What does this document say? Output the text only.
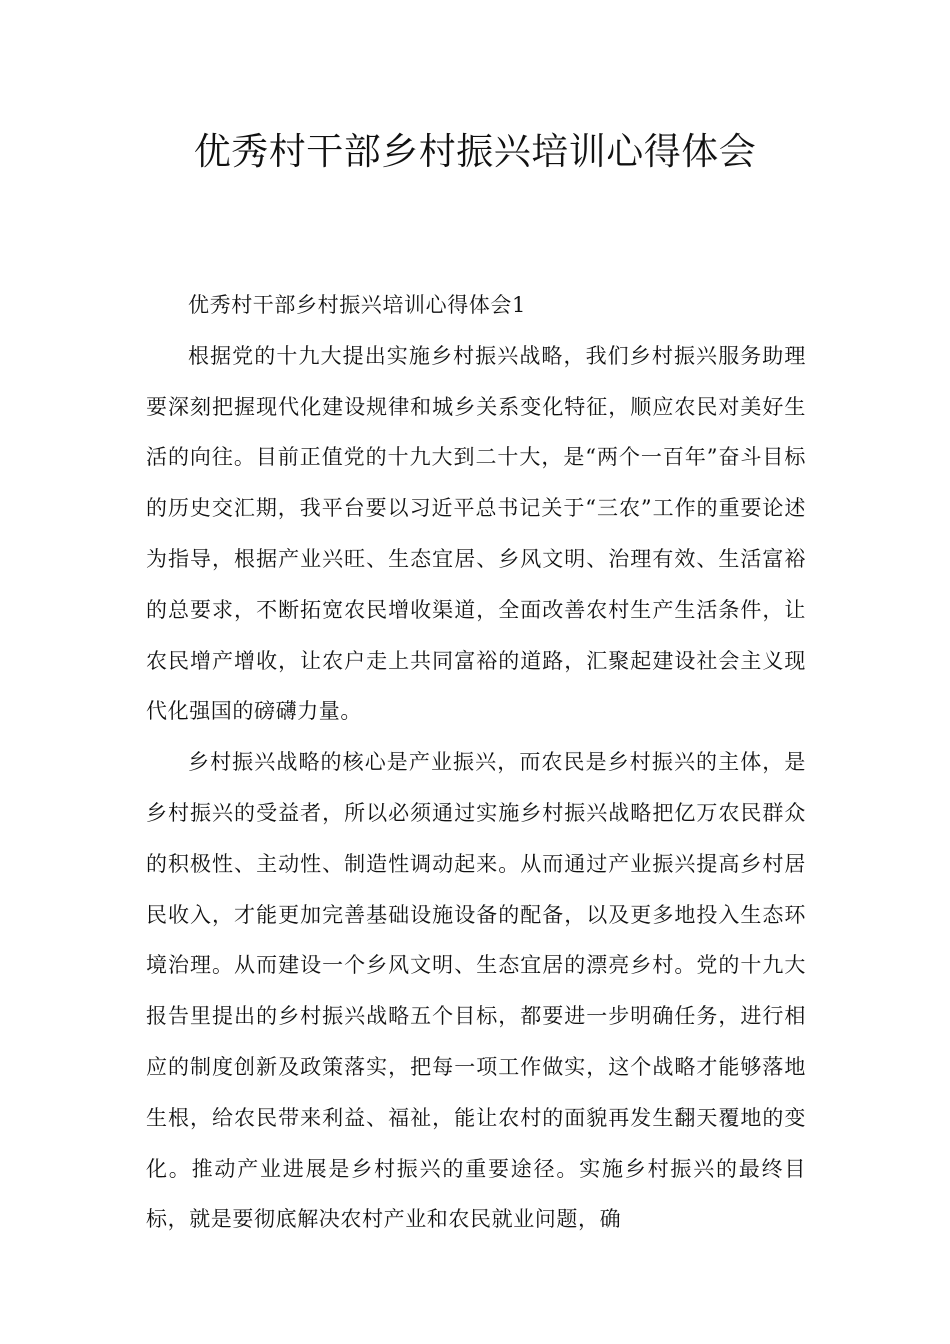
优秀村干部乡村振兴培训心得体会

优秀村干部乡村振兴培训心得体会1

根据党的十九大提出实施乡村振兴战略，我们乡村振兴服务助理要深刻把握现代化建设规律和城乡关系变化特征，顺应农民对美好生活的向往。目前正值党的十九大到二十大，是“两个一百年”奋斗目标的历史交汇期，我平台要以习近平总书记关于“三农”工作的重要论述为指导，根据产业兴旺、生态宜居、乡风文明、治理有效、生活富裕的总要求，不断拓宽农民增收渠道，全面改善农村生产生活条件，让农民增产增收，让农户走上共同富裕的道路，汇聚起建设社会主义现代化强国的磅礴力量。

乡村振兴战略的核心是产业振兴，而农民是乡村振兴的主体，是乡村振兴的受益者，所以必须通过实施乡村振兴战略把亿万农民群众的积极性、主动性、制造性调动起来。从而通过产业振兴提高乡村居民收入，才能更加完善基础设施设备的配备，以及更多地投入生态环境治理。从而建设一个乡风文明、生态宜居的漂亮乡村。党的十九大报告里提出的乡村振兴战略五个目标，都要进一步明确任务，进行相应的制度创新及政策落实，把每一项工作做实，这个战略才能够落地生根，给农民带来利益、福祉，能让农村的面貌再发生翻天覆地的变化。推动产业进展是乡村振兴的重要途径。实施乡村振兴的最终目标，就是要彻底解决农村产业和农民就业问题，确
